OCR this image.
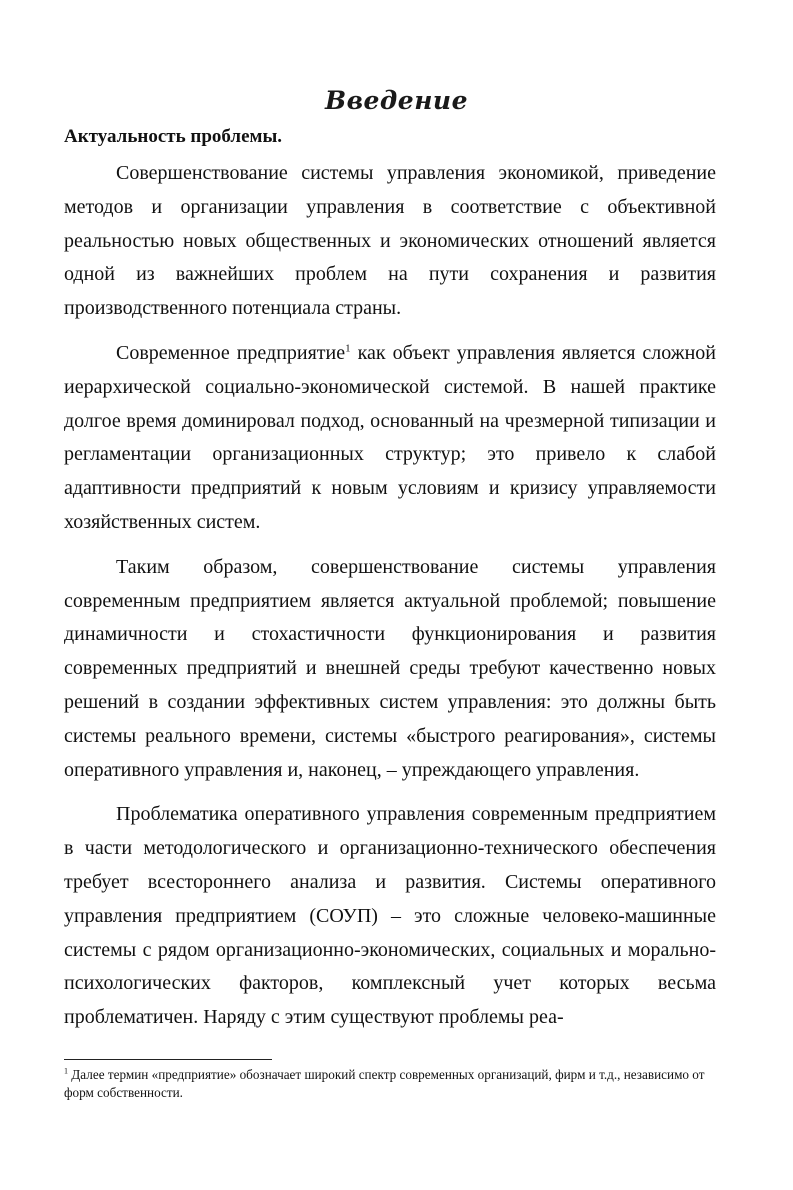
Введение
Актуальность проблемы.

Совершенствование системы управления экономикой, приведение методов и организации управления в соответствие с объективной реальностью новых общественных и экономических отношений является одной из важнейших проблем на пути сохранения и развития производственного потенциала страны.

Современное предприятие$^1$ как объект управления является сложной иерархической социально-экономической системой. В нашей практике долгое время доминировал подход, основанный на чрезмерной типизации и регламентации организационных структур; это привело к слабой адаптивности предприятий к новым условиям и кризису управляемости хозяйственных систем.

Таким образом, совершенствование системы управления современным предприятием является актуальной проблемой; повышение динамичности и стохастичности функционирования и развития современных предприятий и внешней среды требуют качественно новых решений в создании эффективных систем управления: это должны быть системы реального времени, системы «быстрого реагирования», системы оперативного управления и, наконец, – упреждающего управления.

Проблематика оперативного управления современным предприятием в части методологического и организационно-технического обеспечения требует всестороннего анализа и развития. Системы оперативного управления предприятием (СОУП) – это сложные человеко-машинные системы с рядом организационно-экономических, социальных и морально-психологических факторов, комплексный учет которых весьма проблематичен. Наряду с этим существуют проблемы реа-

$^1$ Далее термин «предприятие» обозначает широкий спектр современных организаций, фирм и т.д., независимо от форм собственности.
